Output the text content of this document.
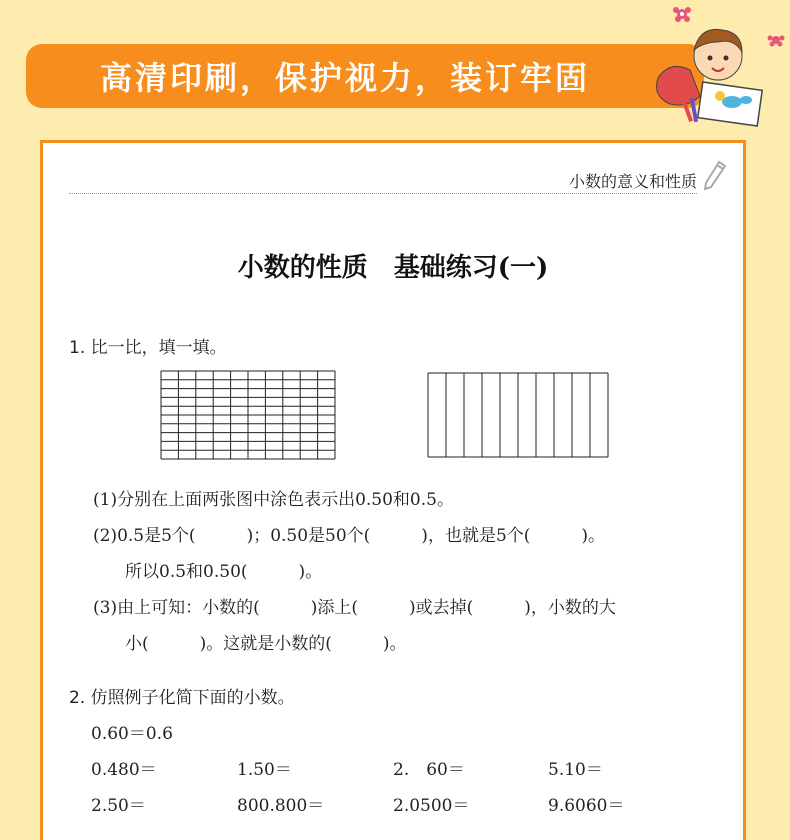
高清印刷，保护视力，装订牢固
小数的意义和性质
小数的性质　基础练习(一)
1. 比一比，填一填。
(1)分别在上面两张图中涂色表示出0.50和0.5。
(2)0.5是5个(　　　)；0.50是50个(　　　)，也就是5个(　　　)。
所以0.5和0.50(　　　)。
(3)由上可知：小数的(　　　)添上(　　　)或去掉(　　　)，小数的大
小(　　　)。这就是小数的(　　　)。
2. 仿照例子化简下面的小数。
0.60＝0.6
0.480＝	1.50＝	2.　60＝	5.10＝
2.50＝	800.800＝	2.0500＝	9.6060＝
